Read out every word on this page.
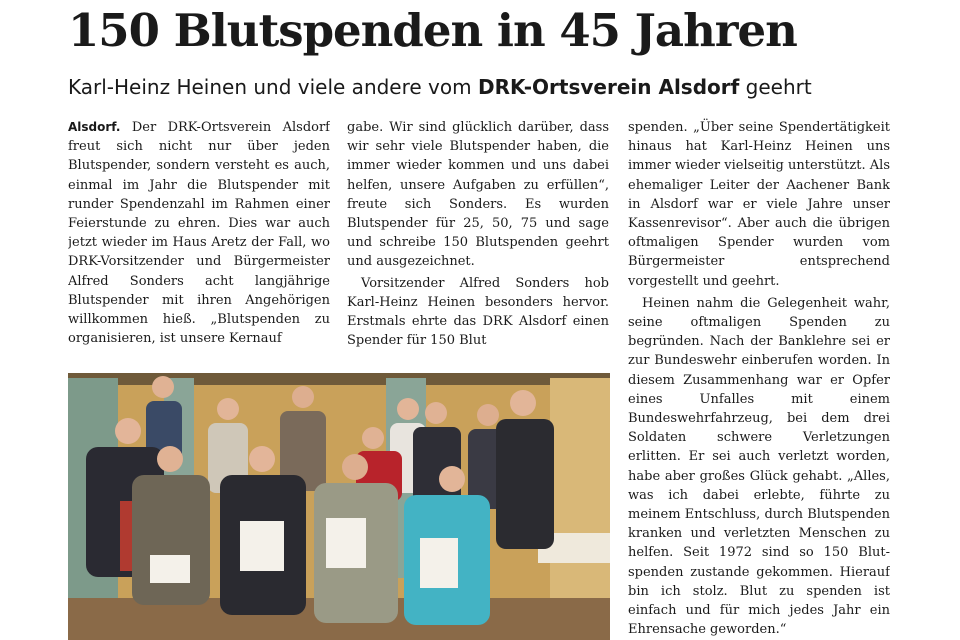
150 Blutspenden in 45 Jahren

Karl-Heinz Heinen und viele andere vom DRK-Ortsverein Alsdorf geehrt

Alsdorf. Der DRK-Ortsverein Alsdorf freut sich nicht nur über jeden Blutspender, sondern versteht es auch, einmal im Jahr die Blutspender mit runder Spendenzahl im Rahmen einer Feierstunde zu ehren. Dies war auch jetzt wieder im Haus Aretz der Fall, wo DRK-Vorsitzender und Bürgermeister Alfred Sonders acht langjährige Blutspender mit ihren Angehörigen willkommen hieß. „Blutspenden zu organisieren, ist unsere Kernauf

gabe. Wir sind glücklich darüber, dass wir sehr viele Blutspender haben, die immer wieder kommen und uns dabei helfen, unsere Aufgaben zu erfüllen“, freute sich Sonders. Es wurden Blutspender für 25, 50, 75 und sage und schreibe 150 Blutspenden geehrt und ausgezeichnet.

Vorsitzender Alfred Sonders hob Karl-Heinz Heinen besonders hervor. Erstmals ehrte das DRK Alsdorf einen Spender für 150 Blut

spenden. „Über seine Spendertätigkeit hinaus hat Karl-Heinz Heinen uns immer wieder vielseitig unterstützt. Als ehemaliger Leiter der Aachener Bank in Alsdorf war er viele Jahre unser Kassenrevisor“. Aber auch die übrigen oftmaligen Spender wurden vom Bürgermeister entsprechend vorgestellt und geehrt.

Heinen nahm die Gelegenheit wahr, seine oftmaligen Spenden zu begründen. Nach der Banklehre sei er zur Bundeswehr einberufen worden. In diesem Zusammenhang war er Opfer eines Unfalles mit einem Bundeswehrfahrzeug, bei dem drei Soldaten schwere Verletzungen erlitten. Er sei auch verletzt worden, habe aber großes Glück gehabt. „Alles, was ich dabei erlebte, führte zu meinem Entschluss, durch Blutspenden kranken und verletzten Menschen zu helfen. Seit 1972 sind so 150 Blutspenden zustande gekommen. Hierauf bin ich stolz. Blut zu spenden ist einfach und für mich jedes Jahr ein Ehrensache geworden.“
